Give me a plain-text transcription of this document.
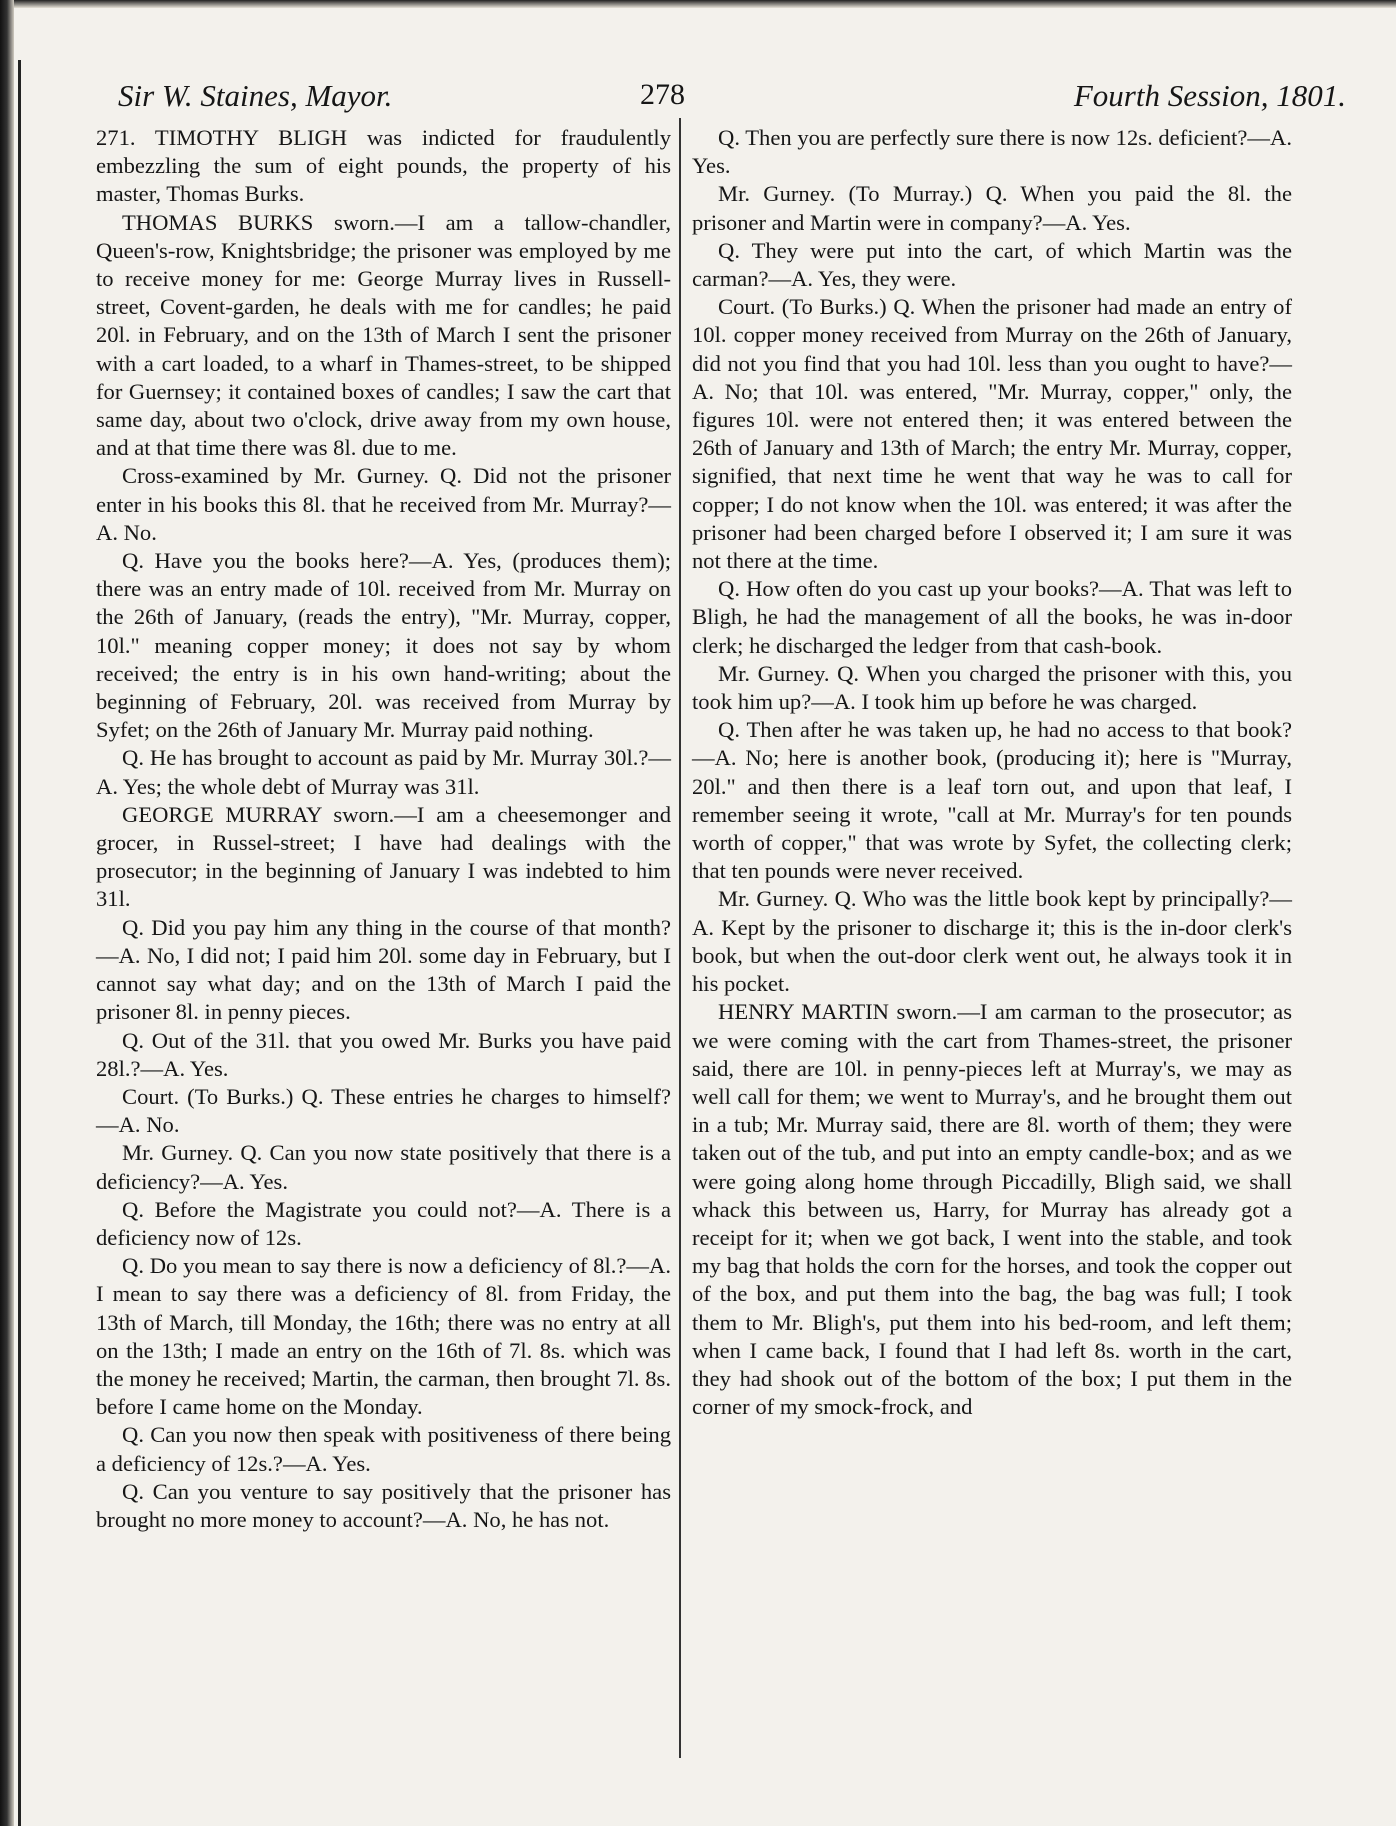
Sir W. Staines, Mayor.	278	Fourth Session, 1801.

271. TIMOTHY BLIGH was indicted for fraudulently embezzling the sum of eight pounds, the property of his master, Thomas Burks.

THOMAS BURKS sworn.—I am a tallow-chandler, Queen's-row, Knightsbridge; the prisoner was employed by me to receive money for me: George Murray lives in Russell-street, Covent-garden, he deals with me for candles; he paid 20l. in February, and on the 13th of March I sent the prisoner with a cart loaded, to a wharf in Thames-street, to be shipped for Guernsey; it contained boxes of candles; I saw the cart that same day, about two o'clock, drive away from my own house, and at that time there was 8l. due to me.

Cross-examined by Mr. Gurney. Q. Did not the prisoner enter in his books this 8l. that he received from Mr. Murray?—A. No.

Q. Have you the books here?—A. Yes, (produces them); there was an entry made of 10l. received from Mr. Murray on the 26th of January, (reads the entry), "Mr. Murray, copper, 10l." meaning copper money; it does not say by whom received; the entry is in his own hand-writing; about the beginning of February, 20l. was received from Murray by Syfet; on the 26th of January Mr. Murray paid nothing.

Q. He has brought to account as paid by Mr. Murray 30l.?—A. Yes; the whole debt of Murray was 31l.

GEORGE MURRAY sworn.—I am a cheesemonger and grocer, in Russel-street; I have had dealings with the prosecutor; in the beginning of January I was indebted to him 31l.

Q. Did you pay him any thing in the course of that month?—A. No, I did not; I paid him 20l. some day in February, but I cannot say what day; and on the 13th of March I paid the prisoner 8l. in penny pieces.

Q. Out of the 31l. that you owed Mr. Burks you have paid 28l.?—A. Yes.

Court. (To Burks.) Q. These entries he charges to himself?—A. No.

Mr. Gurney. Q. Can you now state positively that there is a deficiency?—A. Yes.

Q. Before the Magistrate you could not?—A. There is a deficiency now of 12s.

Q. Do you mean to say there is now a deficiency of 8l.?—A. I mean to say there was a deficiency of 8l. from Friday, the 13th of March, till Monday, the 16th; there was no entry at all on the 13th; I made an entry on the 16th of 7l. 8s. which was the money he received; Martin, the carman, then brought 7l. 8s. before I came home on the Monday.

Q. Can you now then speak with positiveness of there being a deficiency of 12s.?—A. Yes.

Q. Can you venture to say positively that the prisoner has brought no more money to account?—A. No, he has not.

Q. Then you are perfectly sure there is now 12s. deficient?—A. Yes.

Mr. Gurney. (To Murray.) Q. When you paid the 8l. the prisoner and Martin were in company?—A. Yes.

Q. They were put into the cart, of which Martin was the carman?—A. Yes, they were.

Court. (To Burks.) Q. When the prisoner had made an entry of 10l. copper money received from Murray on the 26th of January, did not you find that you had 10l. less than you ought to have?—A. No; that 10l. was entered, "Mr. Murray, copper," only, the figures 10l. were not entered then; it was entered between the 26th of January and 13th of March; the entry Mr. Murray, copper, signified, that next time he went that way he was to call for copper; I do not know when the 10l. was entered; it was after the prisoner had been charged before I observed it; I am sure it was not there at the time.

Q. How often do you cast up your books?—A. That was left to Bligh, he had the management of all the books, he was in-door clerk; he discharged the ledger from that cash-book.

Mr. Gurney. Q. When you charged the prisoner with this, you took him up?—A. I took him up before he was charged.

Q. Then after he was taken up, he had no access to that book?—A. No; here is another book, (producing it); here is "Murray, 20l." and then there is a leaf torn out, and upon that leaf, I remember seeing it wrote, "call at Mr. Murray's for ten pounds worth of copper," that was wrote by Syfet, the collecting clerk; that ten pounds were never received.

Mr. Gurney. Q. Who was the little book kept by principally?—A. Kept by the prisoner to discharge it; this is the in-door clerk's book, but when the out-door clerk went out, he always took it in his pocket.

HENRY MARTIN sworn.—I am carman to the prosecutor; as we were coming with the cart from Thames-street, the prisoner said, there are 10l. in penny-pieces left at Murray's, we may as well call for them; we went to Murray's, and he brought them out in a tub; Mr. Murray said, there are 8l. worth of them; they were taken out of the tub, and put into an empty candle-box; and as we were going along home through Piccadilly, Bligh said, we shall whack this between us, Harry, for Murray has already got a receipt for it; when we got back, I went into the stable, and took my bag that holds the corn for the horses, and took the copper out of the box, and put them into the bag, the bag was full; I took them to Mr. Bligh's, put them into his bed-room, and left them; when I came back, I found that I had left 8s. worth in the cart, they had shook out of the bottom of the box; I put them in the corner of my smock-frock, and
